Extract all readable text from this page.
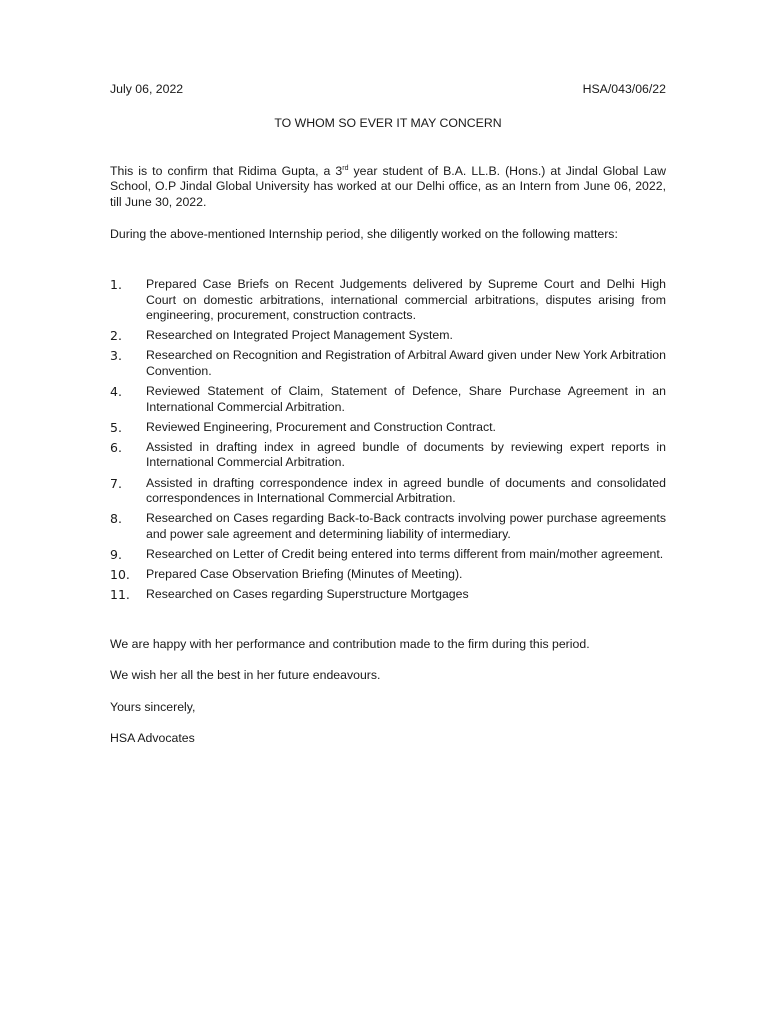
July 06, 2022	HSA/043/06/22
TO WHOM SO EVER IT MAY CONCERN

This is to confirm that Ridima Gupta, a 3rd year student of B.A. LL.B. (Hons.) at Jindal Global Law School, O.P Jindal Global University has worked at our Delhi office, as an Intern from June 06, 2022, till June 30, 2022.

During the above-mentioned Internship period, she diligently worked on the following matters:

1.	Prepared Case Briefs on Recent Judgements delivered by Supreme Court and Delhi High Court on domestic arbitrations, international commercial arbitrations, disputes arising from engineering, procurement, construction contracts.
2.	Researched on Integrated Project Management System.
3.	Researched on Recognition and Registration of Arbitral Award given under New York Arbitration Convention.
4.	Reviewed Statement of Claim, Statement of Defence, Share Purchase Agreement in an International Commercial Arbitration.
5.	Reviewed Engineering, Procurement and Construction Contract.
6.	Assisted in drafting index in agreed bundle of documents by reviewing expert reports in International Commercial Arbitration.
7.	Assisted in drafting correspondence index in agreed bundle of documents and consolidated correspondences in International Commercial Arbitration.
8.	Researched on Cases regarding Back-to-Back contracts involving power purchase agreements and power sale agreement and determining liability of intermediary.
9.	Researched on Letter of Credit being entered into terms different from main/mother agreement.
10.	Prepared Case Observation Briefing (Minutes of Meeting).
11.	Researched on Cases regarding Superstructure Mortgages

We are happy with her performance and contribution made to the firm during this period.

We wish her all the best in her future endeavours.

Yours sincerely,

HSA Advocates
